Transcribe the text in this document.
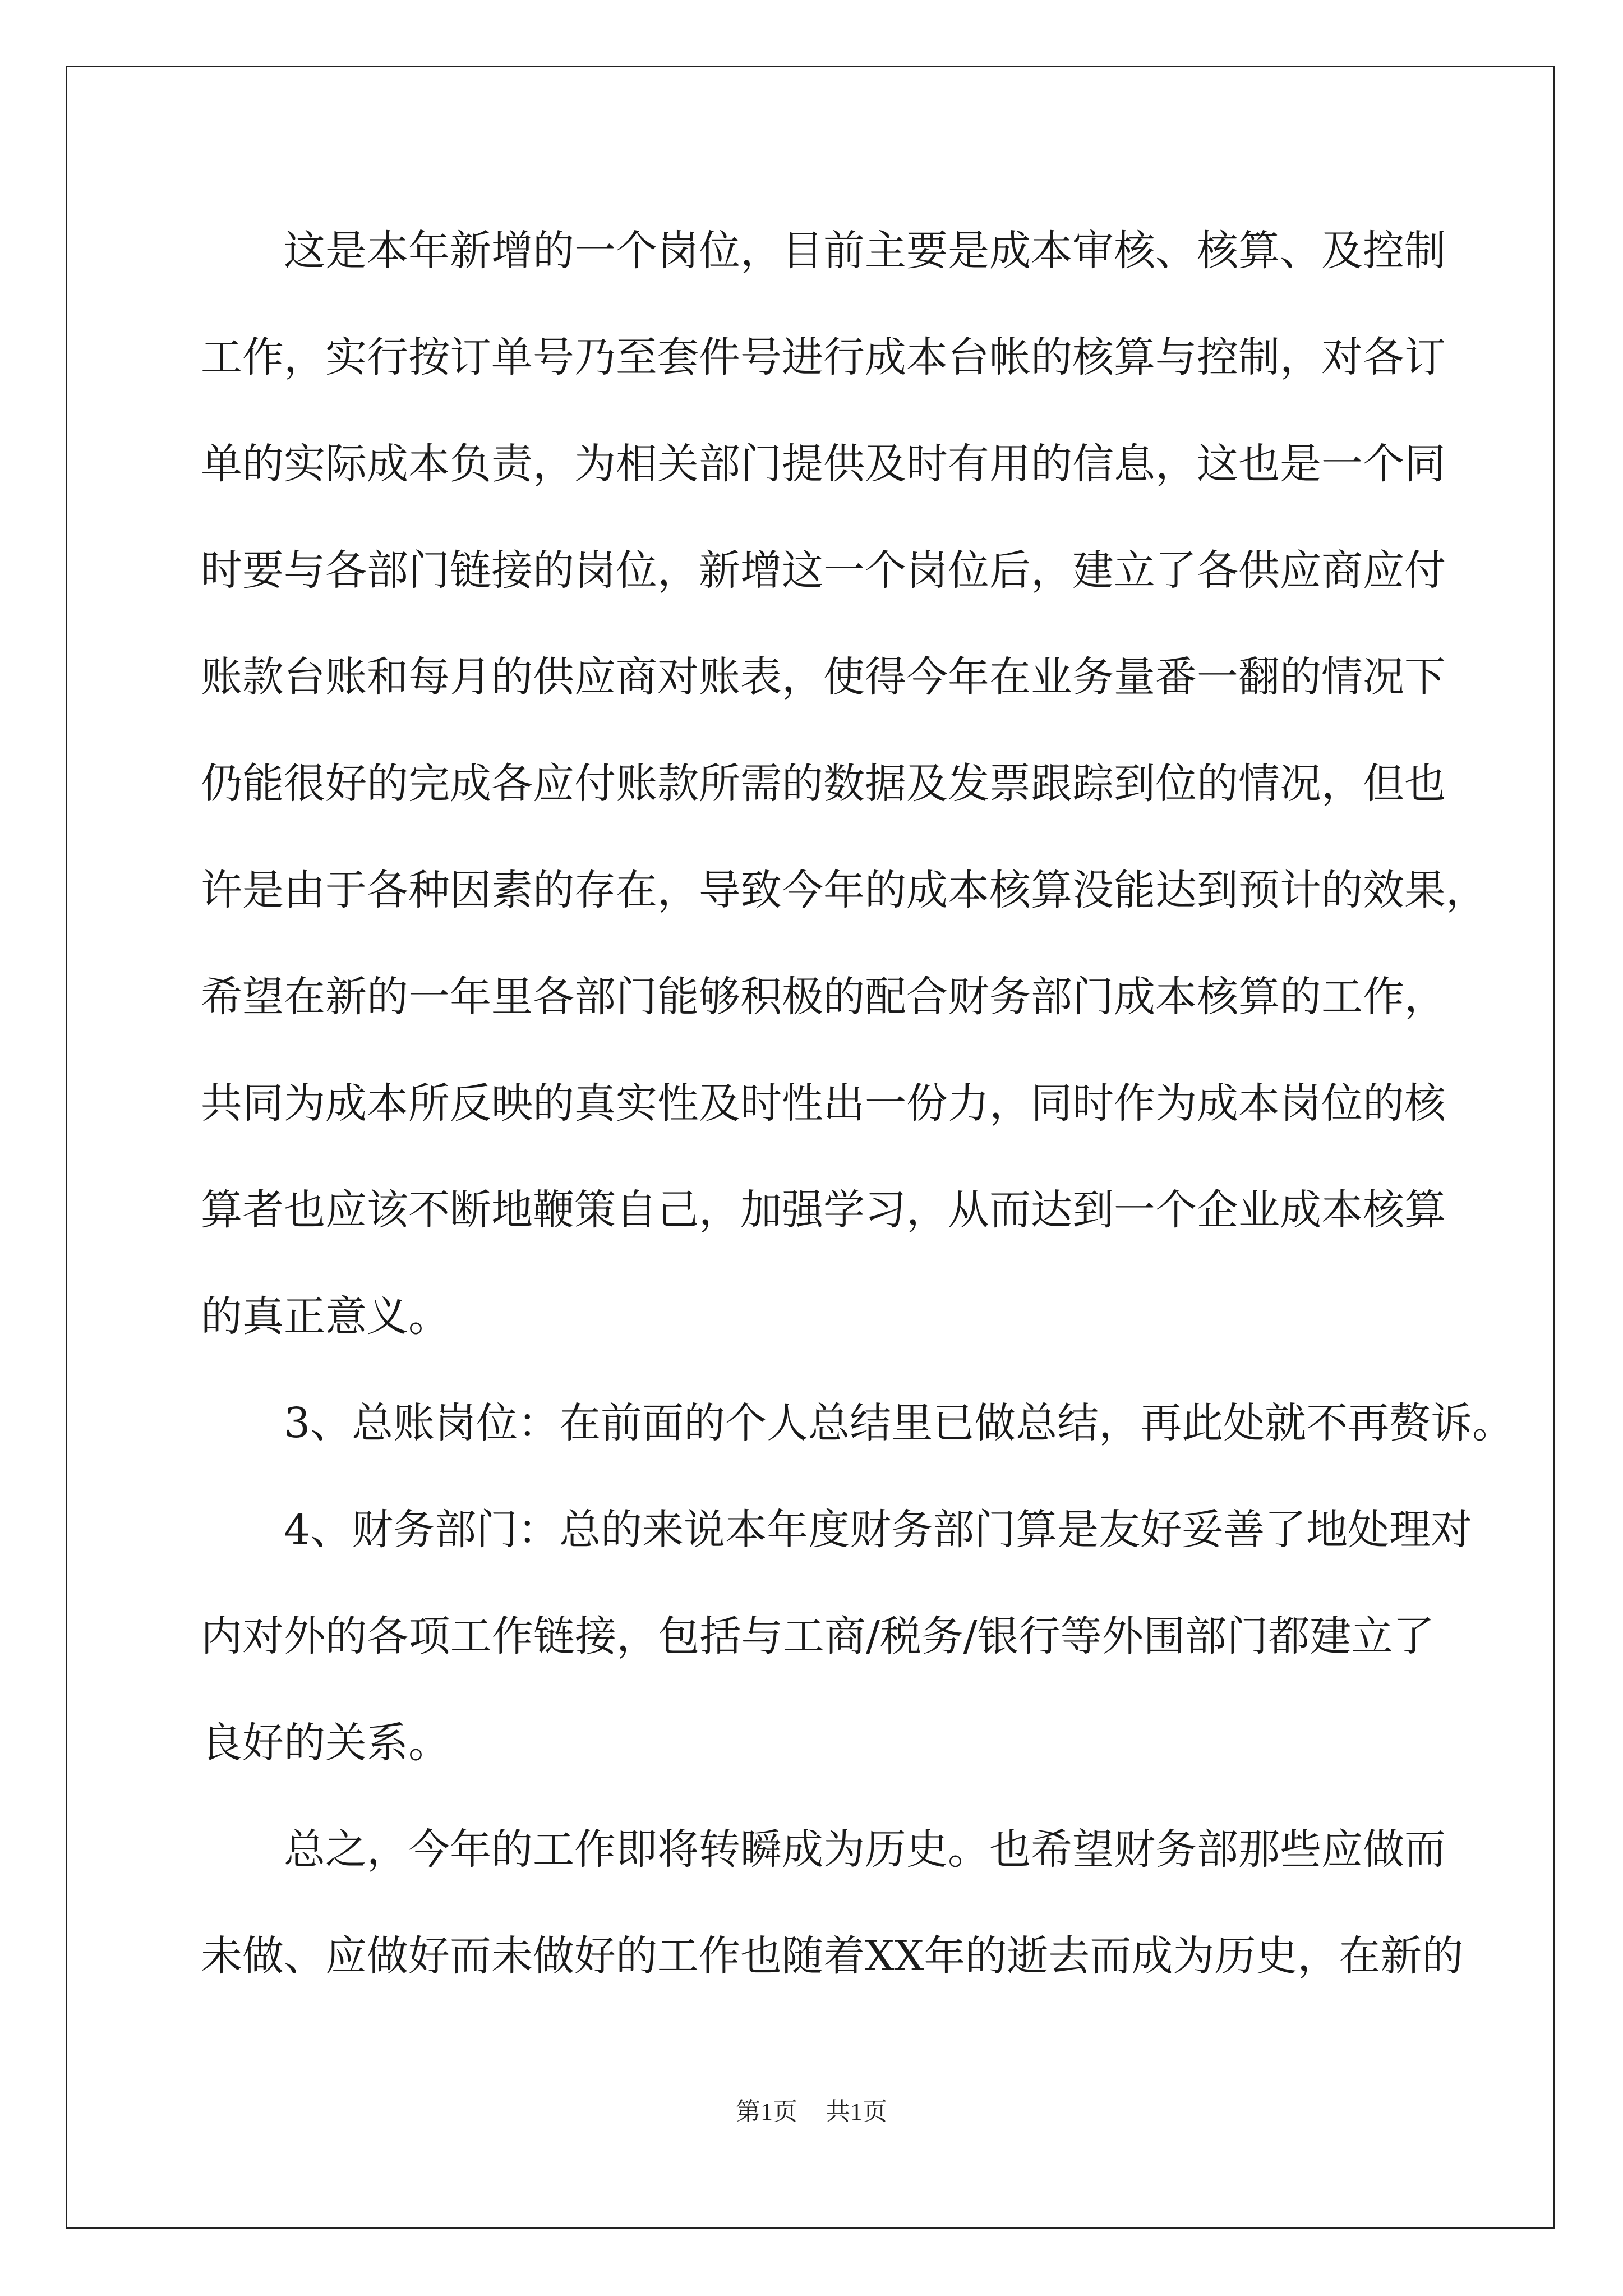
这 是 本 年 新 增 的 一 个 岗 位 ， 目 前 主 要 是 成 本 审 核 、 核 算 、 及 控 制
工 作 ， 实 行 按 订 单 号 乃 至 套 件 号 进 行 成 本 台 帐 的 核 算 与 控 制 ， 对 各 订
单 的 实 际 成 本 负 责 ， 为 相 关 部 门 提 供 及 时 有 用 的 信 息 ， 这 也 是 一 个 同
时 要 与 各 部 门 链 接 的 岗 位 ， 新 增 这 一 个 岗 位 后 ， 建 立 了 各 供 应 商 应 付
账 款 台 账 和 每 月 的 供 应 商 对 账 表 ， 使 得 今 年 在 业 务 量 番 一 翻 的 情 况 下
仍 能 很 好 的 完 成 各 应 付 账 款 所 需 的 数 据 及 发 票 跟 踪 到 位 的 情 况 ， 但 也
许 是 由 于 各 种 因 素 的 存 在 ， 导 致 今 年 的 成 本 核 算 没 能 达 到 预 计 的 效 果 ，
希 望 在 新 的 一 年 里 各 部 门 能 够 积 极 的 配 合 财 务 部 门 成 本 核 算 的 工 作 ，
共 同 为 成 本 所 反 映 的 真 实 性 及 时 性 出 一 份 力 ， 同 时 作 为 成 本 岗 位 的 核
算 者 也 应 该 不 断 地 鞭 策 自 己 ， 加 强 学 习 ， 从 而 达 到 一 个 企 业 成 本 核 算
的真正意义。
3 、 总 账 岗 位 ： 在 前 面 的 个 人 总 结 里 已 做 总 结 ， 再 此 处 就 不 再 赘 诉 。
4 、 财 务 部 门 ： 总 的 来 说 本 年 度 财 务 部 门 算 是 友 好 妥 善 了 地 处 理 对
内 对 外 的 各 项 工 作 链 接 ， 包 括 与 工 商 / 税 务 / 银 行 等 外 围 部 门 都 建 立 了
良好的关系。
总 之 ， 今 年 的 工 作 即 将 转 瞬 成 为 历 史 。 也 希 望 财 务 部 那 些 应 做 而
未 做 、 应 做 好 而 未 做 好 的 工 作 也 随 着 X X 年 的 逝 去 而 成 为 历 史 ， 在 新 的
第1页 共1页
